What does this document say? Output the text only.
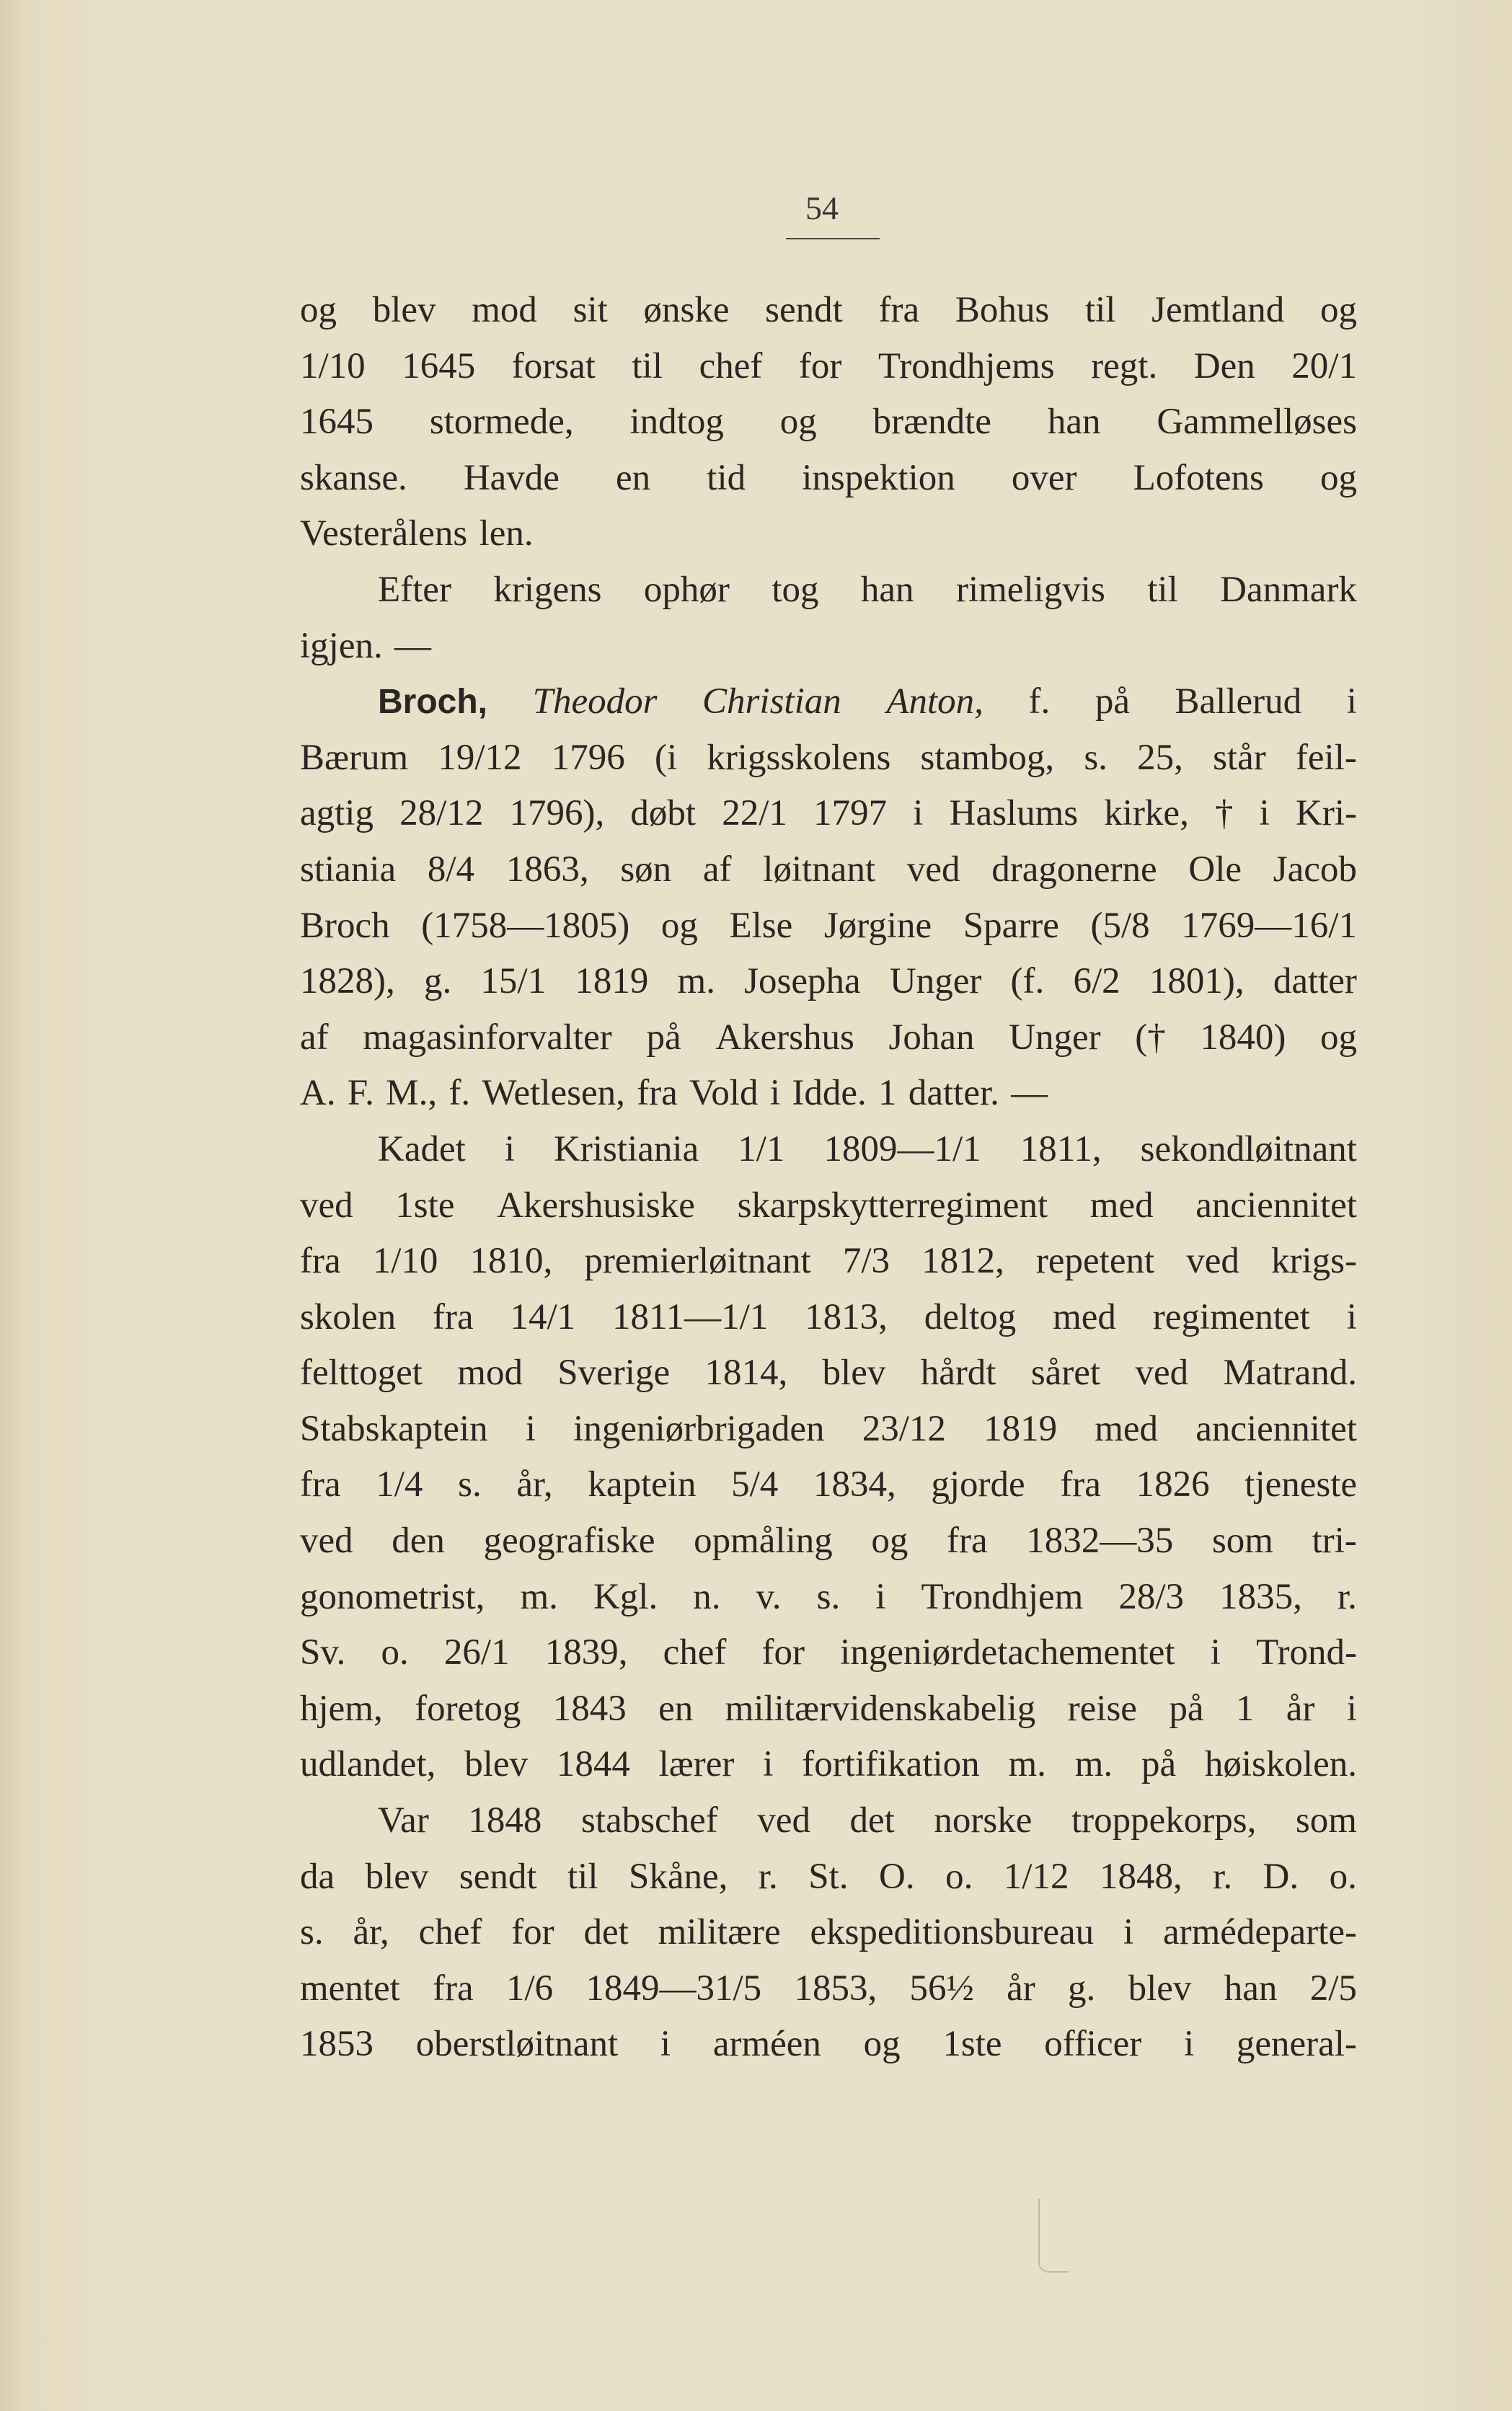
54
og blev mod sit ønske sendt fra Bohus til Jemtland og
1/10 1645 forsat til chef for Trondhjems regt. Den 20/1
1645 stormede, indtog og brændte han Gammelløses
skanse. Havde en tid inspektion over Lofotens og
Vesterålens len.
Efter krigens ophør tog han rimeligvis til Danmark
igjen. —
Broch, Theodor Christian Anton, f. på Ballerud i
Bærum 19/12 1796 (i krigsskolens stambog, s. 25, står feil-
agtig 28/12 1796), døbt 22/1 1797 i Haslums kirke, † i Kri-
stiania 8/4 1863, søn af løitnant ved dragonerne Ole Jacob
Broch (1758—1805) og Else Jørgine Sparre (5/8 1769—16/1
1828), g. 15/1 1819 m. Josepha Unger (f. 6/2 1801), datter
af magasinforvalter på Akershus Johan Unger († 1840) og
A. F. M., f. Wetlesen, fra Vold i Idde. 1 datter. —
Kadet i Kristiania 1/1 1809—1/1 1811, sekondløitnant
ved 1ste Akershusiske skarpskytterregiment med anciennitet
fra 1/10 1810, premierløitnant 7/3 1812, repetent ved krigs-
skolen fra 14/1 1811—1/1 1813, deltog med regimentet i
felttoget mod Sverige 1814, blev hårdt såret ved Matrand.
Stabskaptein i ingeniørbrigaden 23/12 1819 med anciennitet
fra 1/4 s. år, kaptein 5/4 1834, gjorde fra 1826 tjeneste
ved den geografiske opmåling og fra 1832—35 som tri-
gonometrist, m. Kgl. n. v. s. i Trondhjem 28/3 1835, r.
Sv. o. 26/1 1839, chef for ingeniørdetachementet i Trond-
hjem, foretog 1843 en militærvidenskabelig reise på 1 år i
udlandet, blev 1844 lærer i fortifikation m. m. på høiskolen.
Var 1848 stabschef ved det norske troppekorps, som
da blev sendt til Skåne, r. St. O. o. 1/12 1848, r. D. o.
s. år, chef for det militære ekspeditionsbureau i armédeparte-
mentet fra 1/6 1849—31/5 1853, 56½ år g. blev han 2/5
1853 oberstløitnant i arméen og 1ste officer i general-
